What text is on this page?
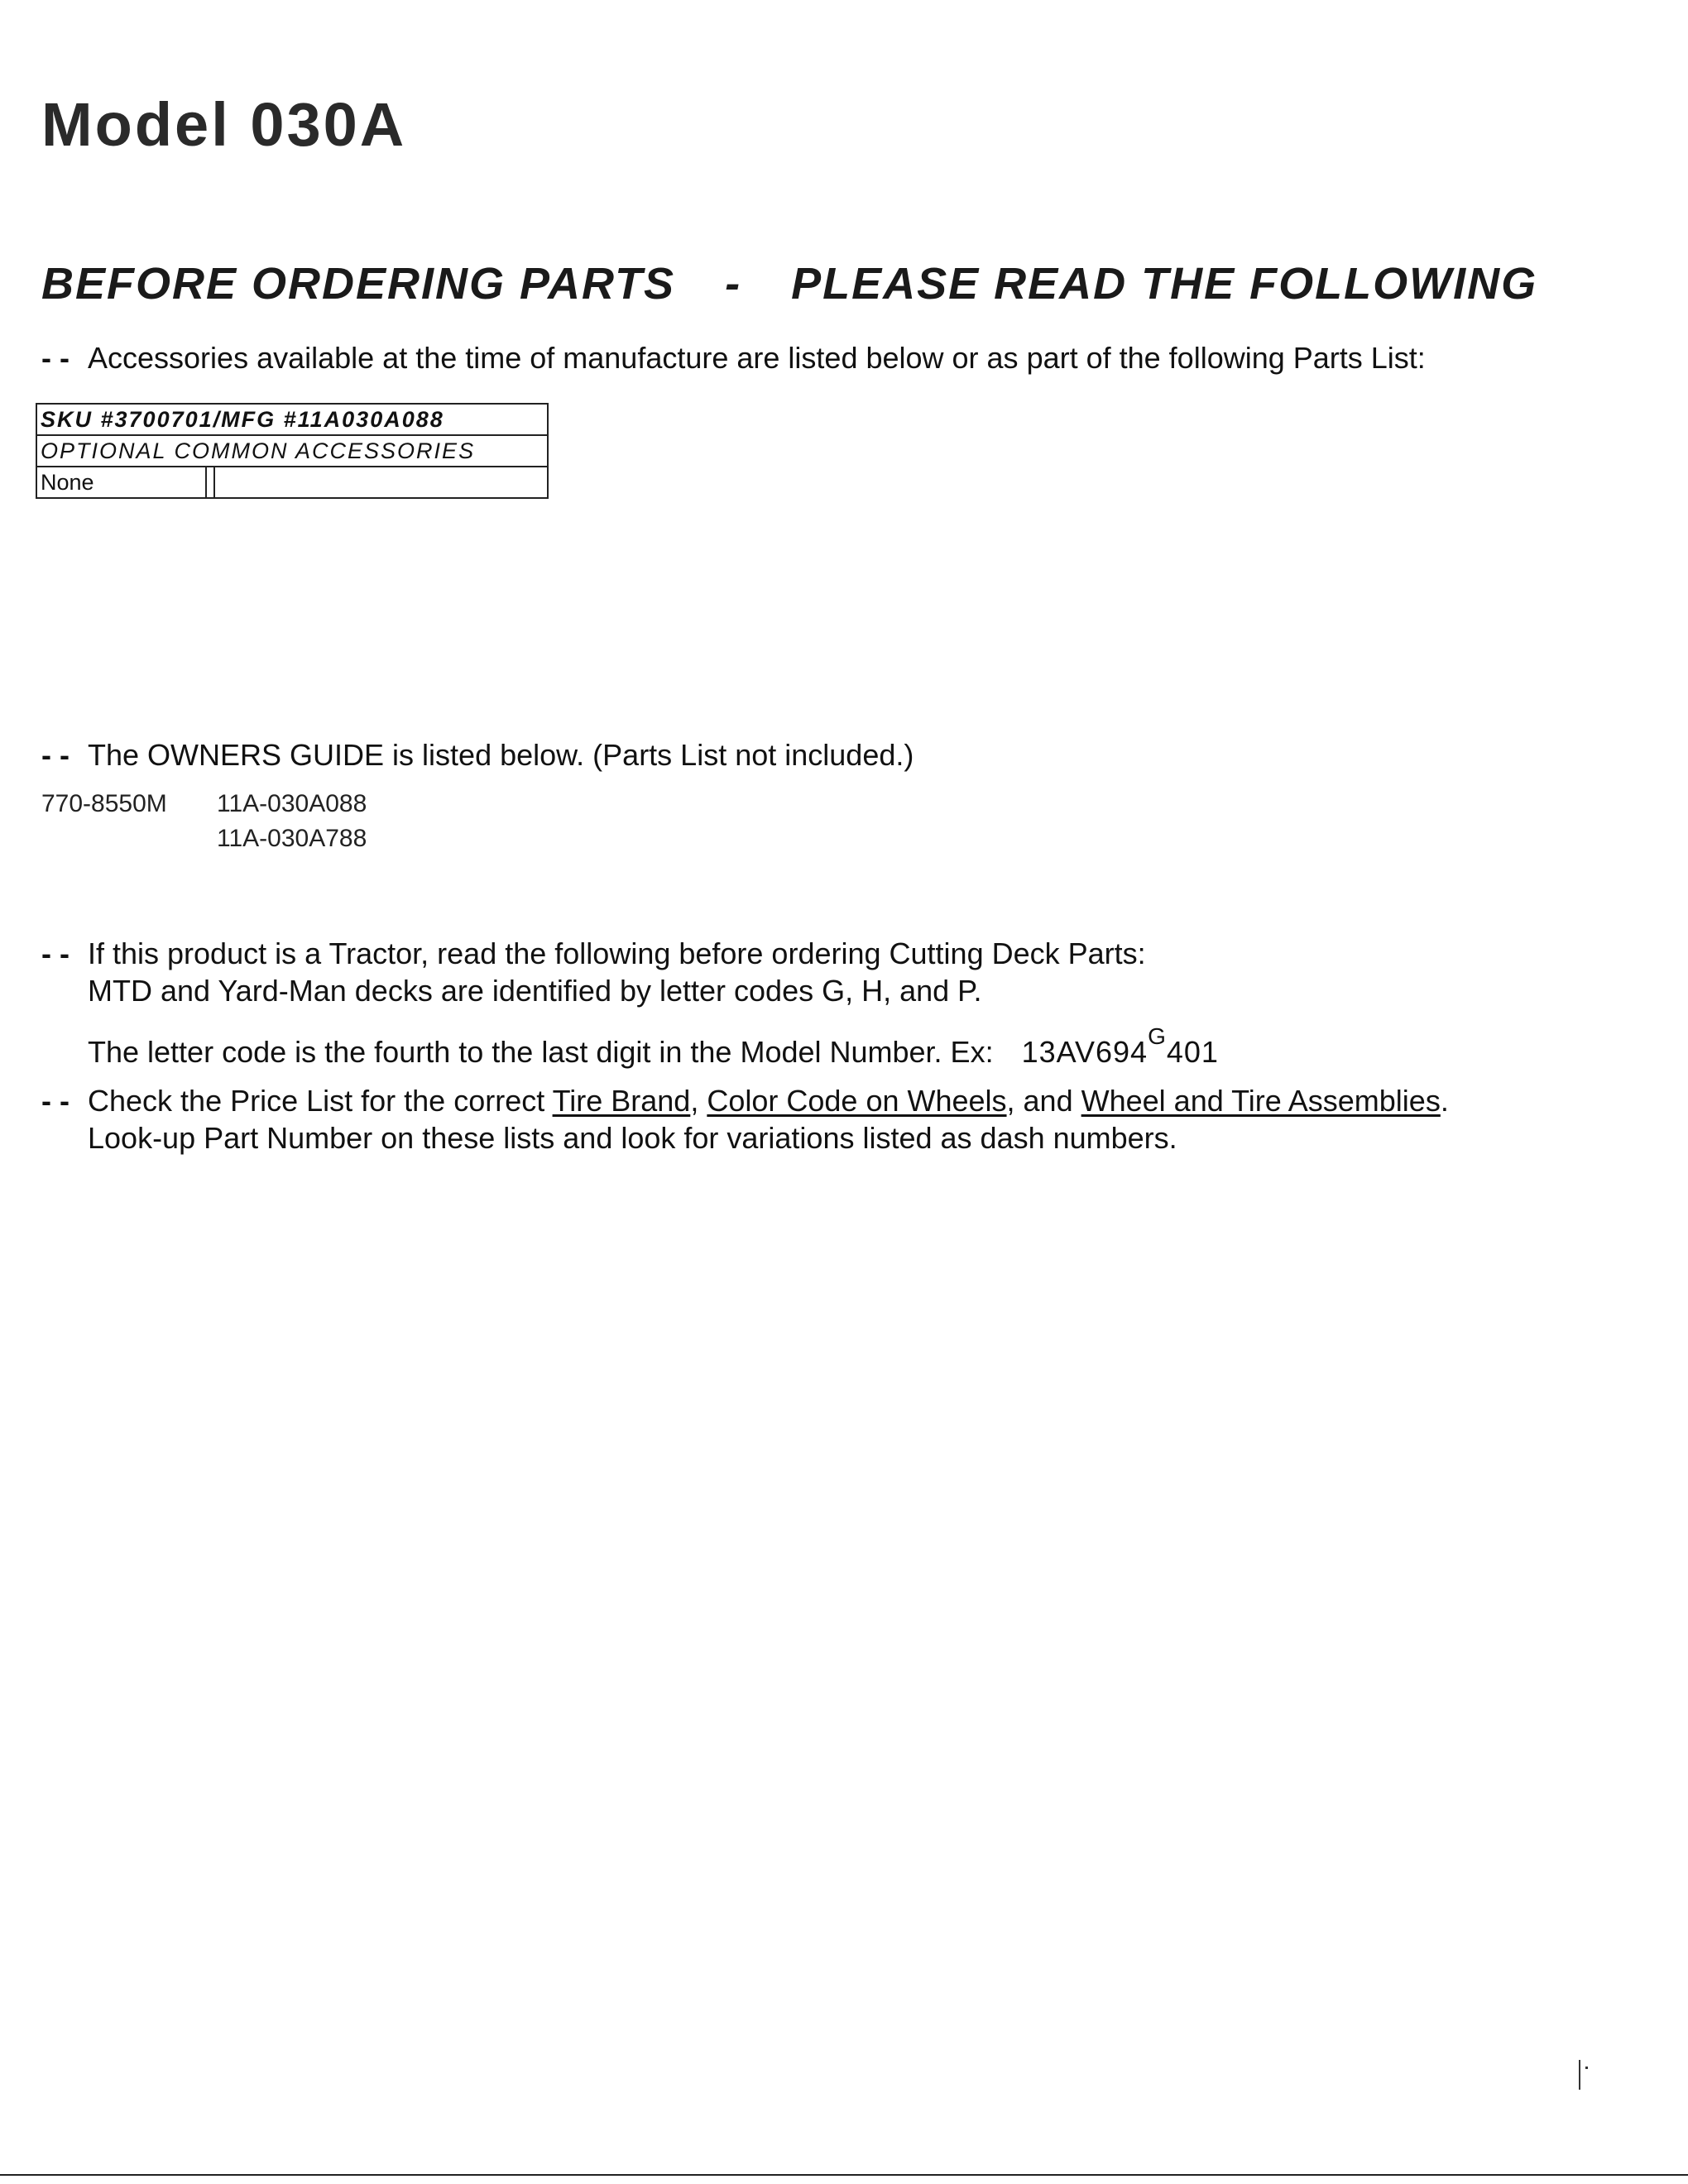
Model 030A
BEFORE ORDERING PARTS - PLEASE READ THE FOLLOWING
- - Accessories available at the time of manufacture are listed below or as part of the following Parts List:
SKU #3700701/MFG #11A030A088
OPTIONAL COMMON ACCESSORIES
None
- - The OWNERS GUIDE is listed below. (Parts List not included.)
770-8550M 11A-030A088
11A-030A788
- - If this product is a Tractor, read the following before ordering Cutting Deck Parts:
MTD and Yard-Man decks are identified by letter codes G, H, and P.
The letter code is the fourth to the last digit in the Model Number. Ex: $13AV694^G401$
- - Check the Price List for the correct Tire Brand, Color Code on Wheels, and Wheel and Tire Assemblies.
Look-up Part Number on these lists and look for variations listed as dash numbers.
